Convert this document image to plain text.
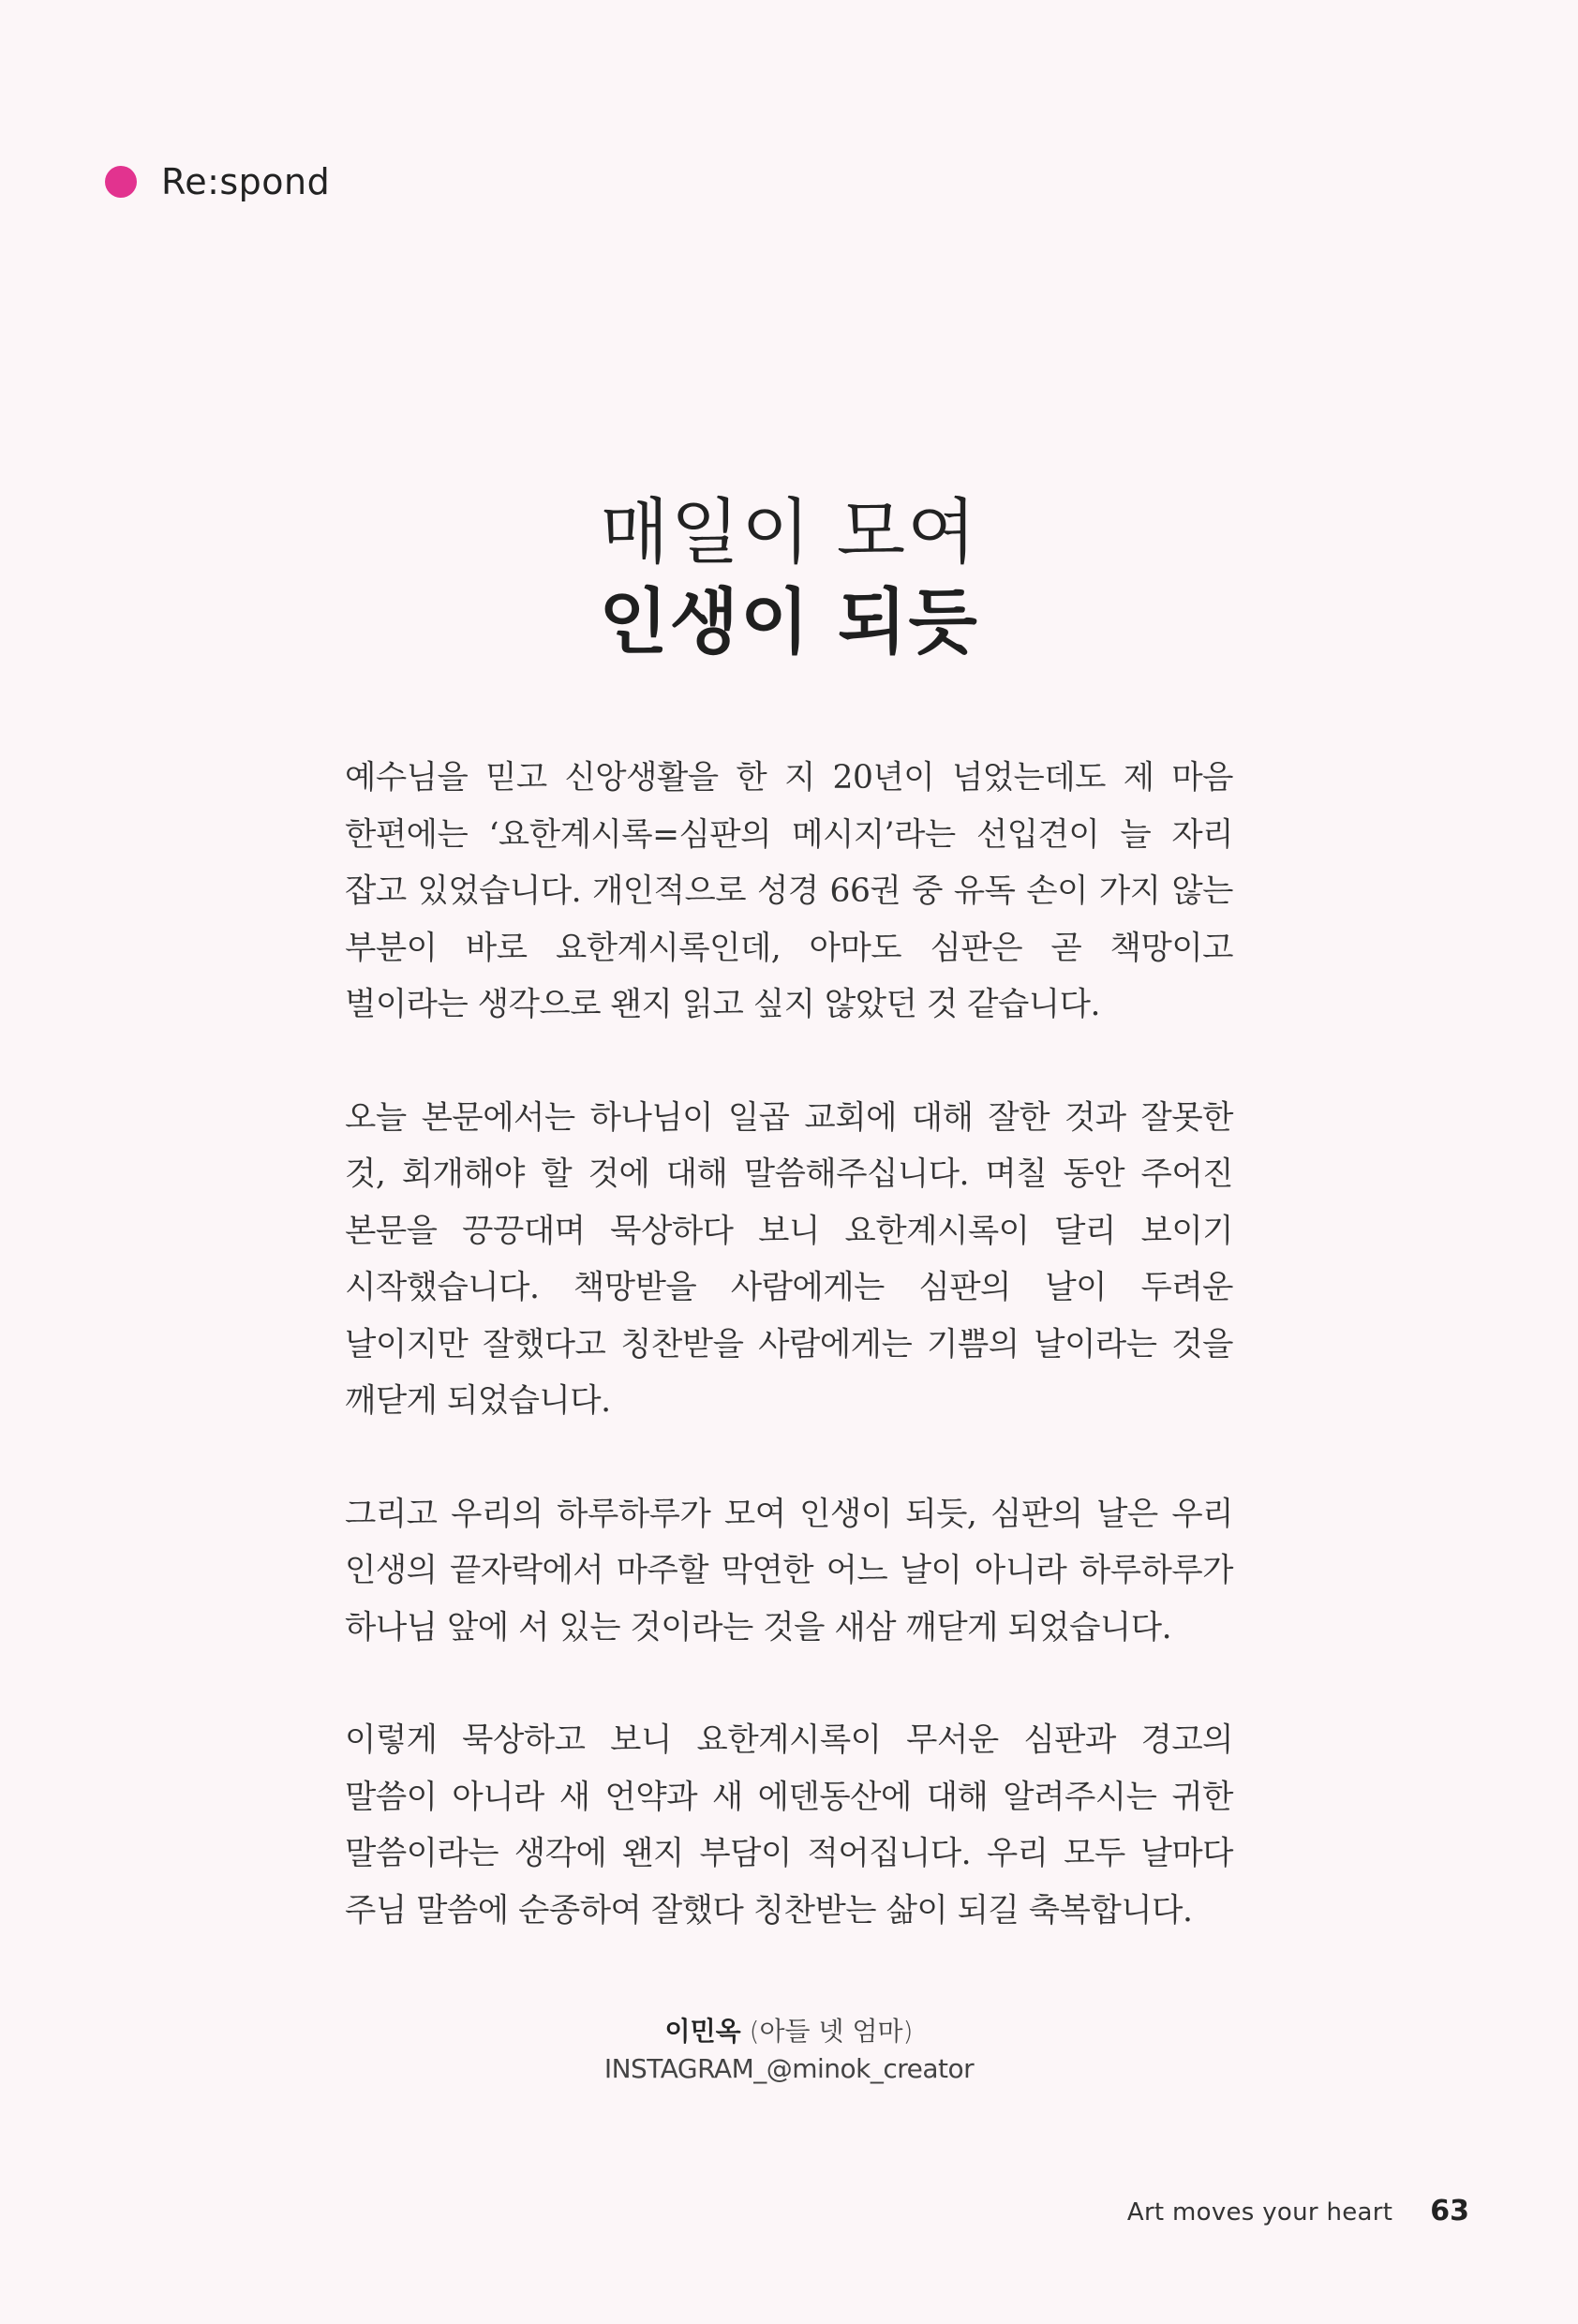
Re:spond
매일이 모여
인생이 되듯

예수님을 믿고 신앙생활을 한 지 20년이 넘었는데도 제 마음 한편에는 ‘요한계시록=심판의 메시지’라는 선입견이 늘 자리 잡고 있었습니다. 개인적으로 성경 66권 중 유독 손이 가지 않는 부분이 바로 요한계시록인데, 아마도 심판은 곧 책망이고 벌이라는 생각으로 왠지 읽고 싶지 않았던 것 같습니다.

오늘 본문에서는 하나님이 일곱 교회에 대해 잘한 것과 잘못한 것, 회개해야 할 것에 대해 말씀해주십니다. 며칠 동안 주어진 본문을 끙끙대며 묵상하다 보니 요한계시록이 달리 보이기 시작했습니다. 책망받을 사람에게는 심판의 날이 두려운 날이지만 잘했다고 칭찬받을 사람에게는 기쁨의 날이라는 것을 깨닫게 되었습니다.

그리고 우리의 하루하루가 모여 인생이 되듯, 심판의 날은 우리 인생의 끝자락에서 마주할 막연한 어느 날이 아니라 하루하루가 하나님 앞에 서 있는 것이라는 것을 새삼 깨닫게 되었습니다.

이렇게 묵상하고 보니 요한계시록이 무서운 심판과 경고의 말씀이 아니라 새 언약과 새 에덴동산에 대해 알려주시는 귀한 말씀이라는 생각에 왠지 부담이 적어집니다. 우리 모두 날마다 주님 말씀에 순종하여 잘했다 칭찬받는 삶이 되길 축복합니다.

이민옥 (아들 넷 엄마)
INSTAGRAM_@minok_creator
Art moves your heart 63
